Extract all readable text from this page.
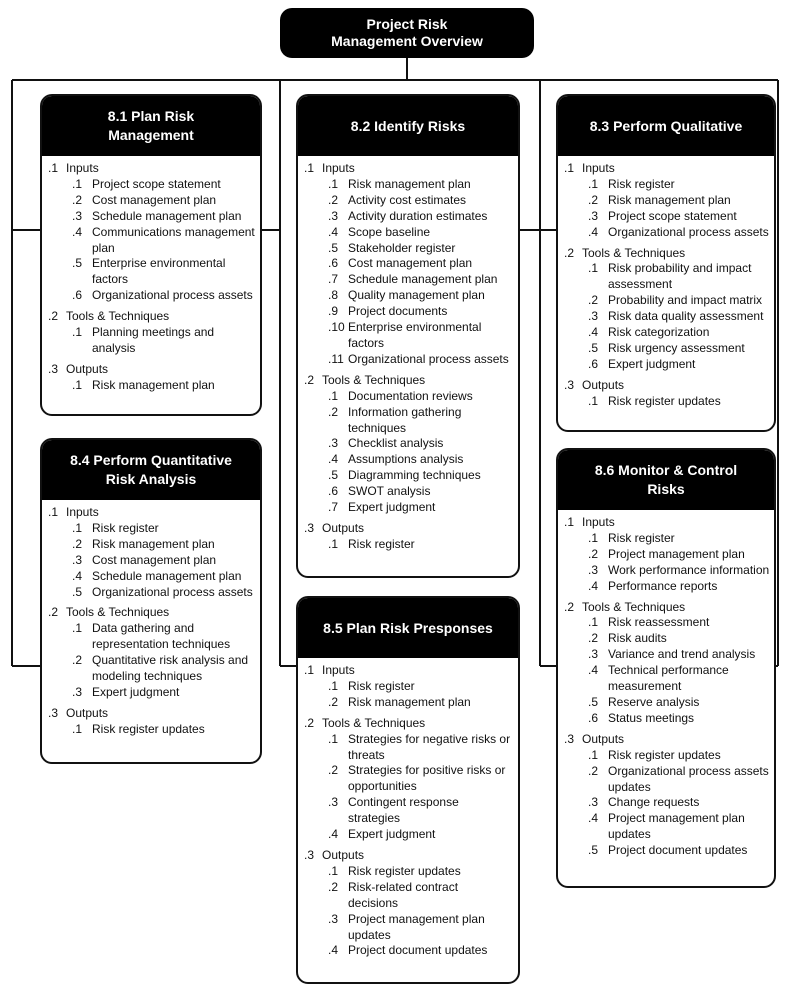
Project Risk
Management Overview
8.1 Plan Risk
Management
.1 Inputs
.1 Project scope statement
.2 Cost management plan
.3 Schedule management plan
.4 Communications management
plan
.5 Enterprise environmental
factors
.6 Organizational process assets
.2 Tools & Techniques
.1 Planning meetings and
analysis
.3 Outputs
.1 Risk management plan
8.2 Identify Risks
.1 Inputs
.1 Risk management plan
.2 Activity cost estimates
.3 Activity duration estimates
.4 Scope baseline
.5 Stakeholder register
.6 Cost management plan
.7 Schedule management plan
.8 Quality management plan
.9 Project documents
.10 Enterprise environmental
factors
.11 Organizational process assets
.2 Tools & Techniques
.1 Documentation reviews
.2 Information gathering
techniques
.3 Checklist analysis
.4 Assumptions analysis
.5 Diagramming techniques
.6 SWOT analysis
.7 Expert judgment
.3 Outputs
.1 Risk register
8.3 Perform Qualitative
.1 Inputs
.1 Risk register
.2 Risk management plan
.3 Project scope statement
.4 Organizational process assets
.2 Tools & Techniques
.1 Risk probability and impact
assessment
.2 Probability and impact matrix
.3 Risk data quality assessment
.4 Risk categorization
.5 Risk urgency assessment
.6 Expert judgment
.3 Outputs
.1 Risk register updates
8.4 Perform Quantitative
Risk Analysis
.1 Inputs
.1 Risk register
.2 Risk management plan
.3 Cost management plan
.4 Schedule management plan
.5 Organizational process assets
.2 Tools & Techniques
.1 Data gathering and
representation techniques
.2 Quantitative risk analysis and
modeling techniques
.3 Expert judgment
.3 Outputs
.1 Risk register updates
8.5 Plan Risk Presponses
.1 Inputs
.1 Risk register
.2 Risk management plan
.2 Tools & Techniques
.1 Strategies for negative risks or
threats
.2 Strategies for positive risks or
opportunities
.3 Contingent response
strategies
.4 Expert judgment
.3 Outputs
.1 Risk register updates
.2 Risk-related contract
decisions
.3 Project management plan
updates
.4 Project document updates
8.6 Monitor & Control
Risks
.1 Inputs
.1 Risk register
.2 Project management plan
.3 Work performance information
.4 Performance reports
.2 Tools & Techniques
.1 Risk reassessment
.2 Risk audits
.3 Variance and trend analysis
.4 Technical performance
measurement
.5 Reserve analysis
.6 Status meetings
.3 Outputs
.1 Risk register updates
.2 Organizational process assets
updates
.3 Change requests
.4 Project management plan
updates
.5 Project document updates
